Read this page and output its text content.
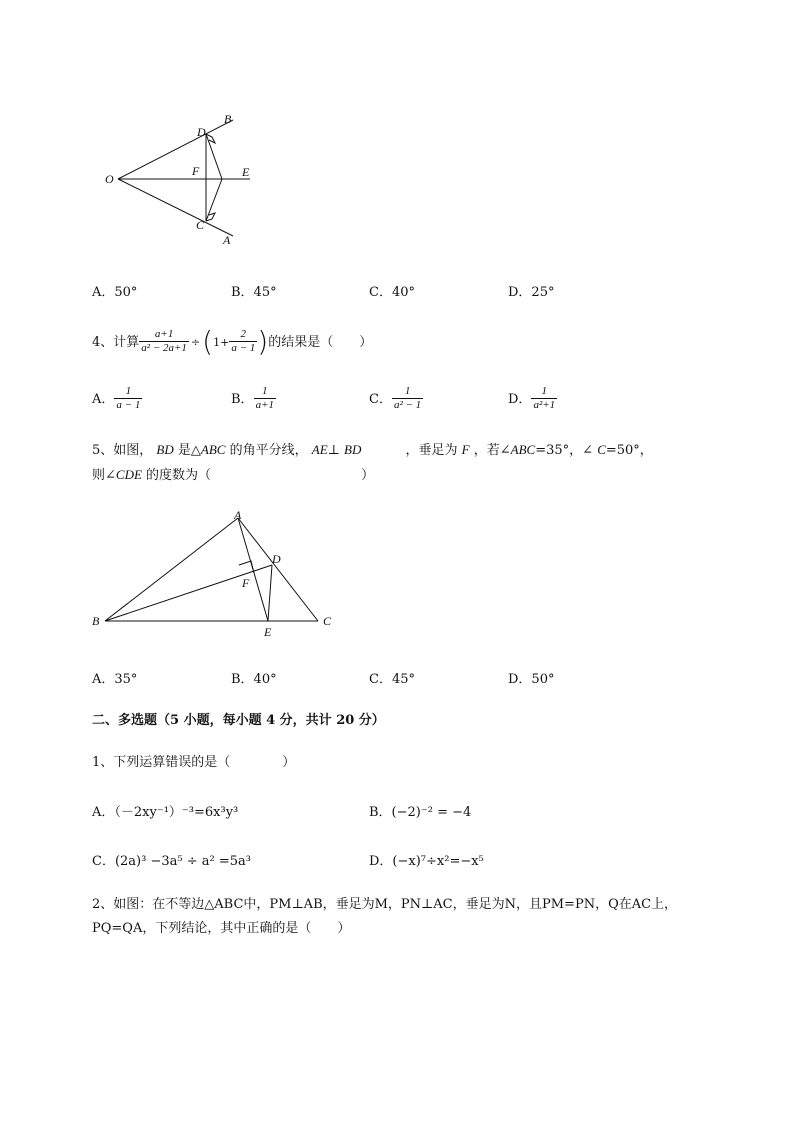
O
D
B
F	E
C
A
A．50°	B．45°	C．40°	D．25°
4、计算 $\frac{a+1}{\text{a² − 2a+1}}$ ÷ ( $1+ \frac{2}{a - 1}$ ) 的结果是（　　）
A． $\frac{1}{a - 1}$	B． $\frac{1}{a+1}$	C． $\frac{1}{\text{a² − 1}}$	D． $\frac{1}{\text{a²+1}}$
5、如图， BD 是△ABC 的角平分线， AE⊥ BD	，垂足为 F ，若∠ABC=35°，∠ C=50°，
则∠CDE 的度数为（	）
A
D
F
B
E
C
A．35°	B．40°	C．45°	D．50°
二、多选题（5 小题，每小题 4 分，共计 20 分）
1、下列运算错误的是（　　　　）
A．（－2xy⁻¹）⁻³=6x³y³	B．(−2)⁻² = −4
C．(2a)³ −3a⁵ ÷ a² =5a³	D．(−x)⁷÷x²=−x⁵
2、如图：在不等边△ABC中，PM⊥AB，垂足为M，PN⊥AC，垂足为N，且PM=PN，Q在AC上，
PQ=QA，下列结论，其中正确的是（　　）
